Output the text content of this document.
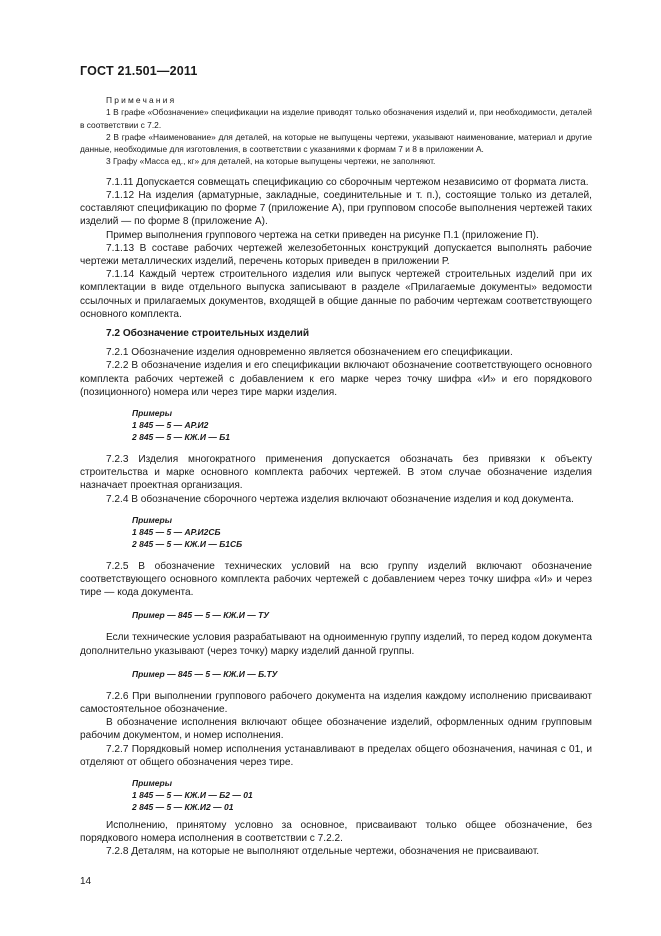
ГОСТ 21.501—2011

Примечания

1 В графе «Обозначение» спецификации на изделие приводят только обозначения изделий и, при необходимости, деталей в соответствии с 7.2.

2 В графе «Наименование» для деталей, на которые не выпущены чертежи, указывают наименование, материал и другие данные, необходимые для изготовления, в соответствии с указаниями к формам 7 и 8 в приложении А.

3 Графу «Масса ед., кг» для деталей, на которые выпущены чертежи, не заполняют.

7.1.11 Допускается совмещать спецификацию со сборочным чертежом независимо от формата листа.

7.1.12 На изделия (арматурные, закладные, соединительные и т. п.), состоящие только из деталей, составляют спецификацию по форме 7 (приложение А), при групповом способе выполнения чертежей таких изделий — по форме 8 (приложение А).

Пример выполнения группового чертежа на сетки приведен на рисунке П.1 (приложение П).

7.1.13 В составе рабочих чертежей железобетонных конструкций допускается выполнять рабочие чертежи металлических изделий, перечень которых приведен в приложении Р.

7.1.14 Каждый чертеж строительного изделия или выпуск чертежей строительных изделий при их комплектации в виде отдельного выпуска записывают в разделе «Прилагаемые документы» ведомости ссылочных и прилагаемых документов, входящей в общие данные по рабочим чертежам соответствующего основного комплекта.

7.2 Обозначение строительных изделий

7.2.1 Обозначение изделия одновременно является обозначением его спецификации.

7.2.2 В обозначение изделия и его спецификации включают обозначение соответствующего основного комплекта рабочих чертежей с добавлением к его марке через точку шифра «И» и его порядкового (позиционного) номера или через тире марки изделия.

Примеры

1 845 — 5 — АР.И2

2 845 — 5 — КЖ.И — Б1

7.2.3 Изделия многократного применения допускается обозначать без привязки к объекту строительства и марке основного комплекта рабочих чертежей. В этом случае обозначение изделия назначает проектная организация.

7.2.4 В обозначение сборочного чертежа изделия включают обозначение изделия и код документа.

Примеры

1 845 — 5 — АР.И2СБ

2 845 — 5 — КЖ.И — Б1СБ

7.2.5 В обозначение технических условий на всю группу изделий включают обозначение соответствующего основного комплекта рабочих чертежей с добавлением через точку шифра «И» и через тире — кода документа.

Пример — 845 — 5 — КЖ.И — ТУ

Если технические условия разрабатывают на одноименную группу изделий, то перед кодом документа дополнительно указывают (через точку) марку изделий данной группы.

Пример — 845 — 5 — КЖ.И — Б.ТУ

7.2.6 При выполнении группового рабочего документа на изделия каждому исполнению присваивают самостоятельное обозначение.

В обозначение исполнения включают общее обозначение изделий, оформленных одним групповым рабочим документом, и номер исполнения.

7.2.7 Порядковый номер исполнения устанавливают в пределах общего обозначения, начиная с 01, и отделяют от общего обозначения через тире.

Примеры

1 845 — 5 — КЖ.И — Б2 — 01

2 845 — 5 — КЖ.И2 — 01

Исполнению, принятому условно за основное, присваивают только общее обозначение, без порядкового номера исполнения в соответствии с 7.2.2.

7.2.8 Деталям, на которые не выполняют отдельные чертежи, обозначения не присваивают.

14
